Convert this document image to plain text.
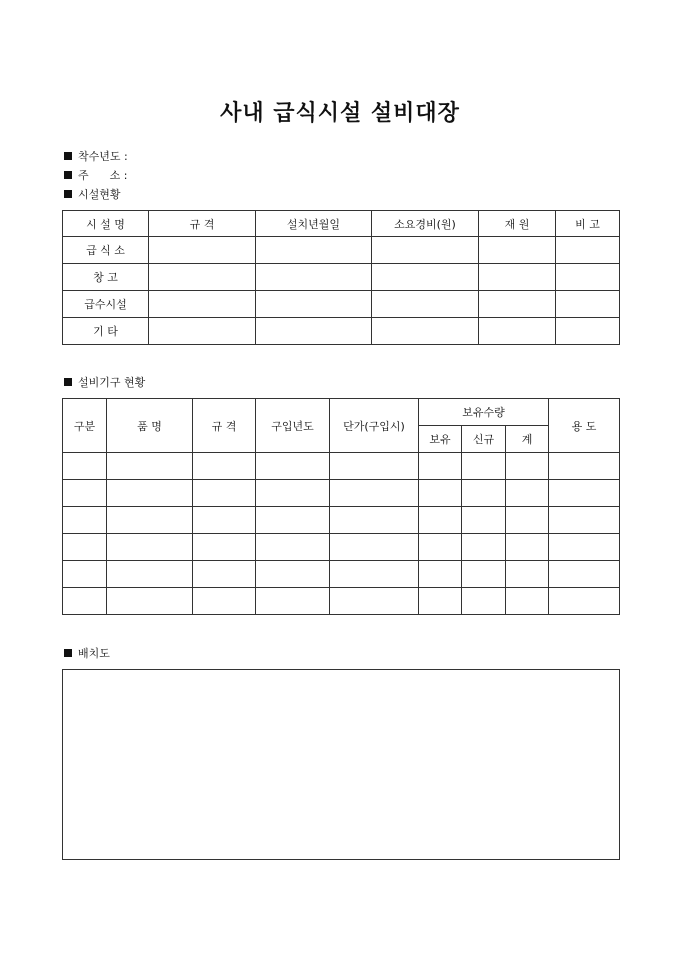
사내 급식시설 설비대장
착수년도 :
주      소 :
시설현황
시 설 명	규 격	설치년월일	소요경비(원)	재 원	비 고
급 식 소					
창 고					
급수시설					
기 타					
설비기구 현황
구분	품 명	규 격	구입년도	단가(구입시)	보유수량			용 도
					보유	신규	계	

배치도
